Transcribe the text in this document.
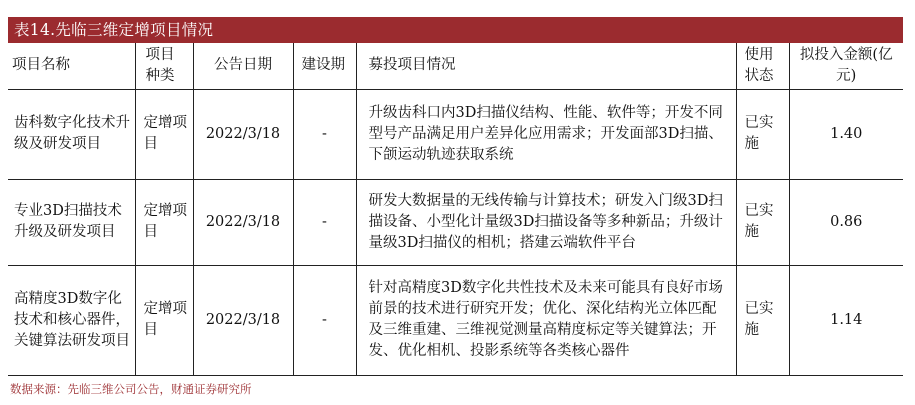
表14.先临三维定增项目情况
项目名称	项目种类	公告日期	建设期	募投项目情况	使用状态	拟投入金额(亿元)
齿科数字化技术升级及研发项目	定增项目	2022/3/18	-	升级齿科口内3D扫描仪结构、性能、软件等；开发不同型号产品满足用户差异化应用需求；开发面部3D扫描、下颌运动轨迹获取系统	已实施	1.40
专业3D扫描技术升级及研发项目	定增项目	2022/3/18	-	研发大数据量的无线传输与计算技术；研发入门级3D扫描设备、小型化计量级3D扫描设备等多种新品；升级计量级3D扫描仪的相机；搭建云端软件平台	已实施	0.86
高精度3D数字化技术和核心器件，关键算法研发项目	定增项目	2022/3/18	-	针对高精度3D数字化共性技术及未来可能具有良好市场前景的技术进行研究开发；优化、深化结构光立体匹配及三维重建、三维视觉测量高精度标定等关键算法；开发、优化相机、投影系统等各类核心器件	已实施	1.14
数据来源：先临三维公司公告，财通证券研究所
